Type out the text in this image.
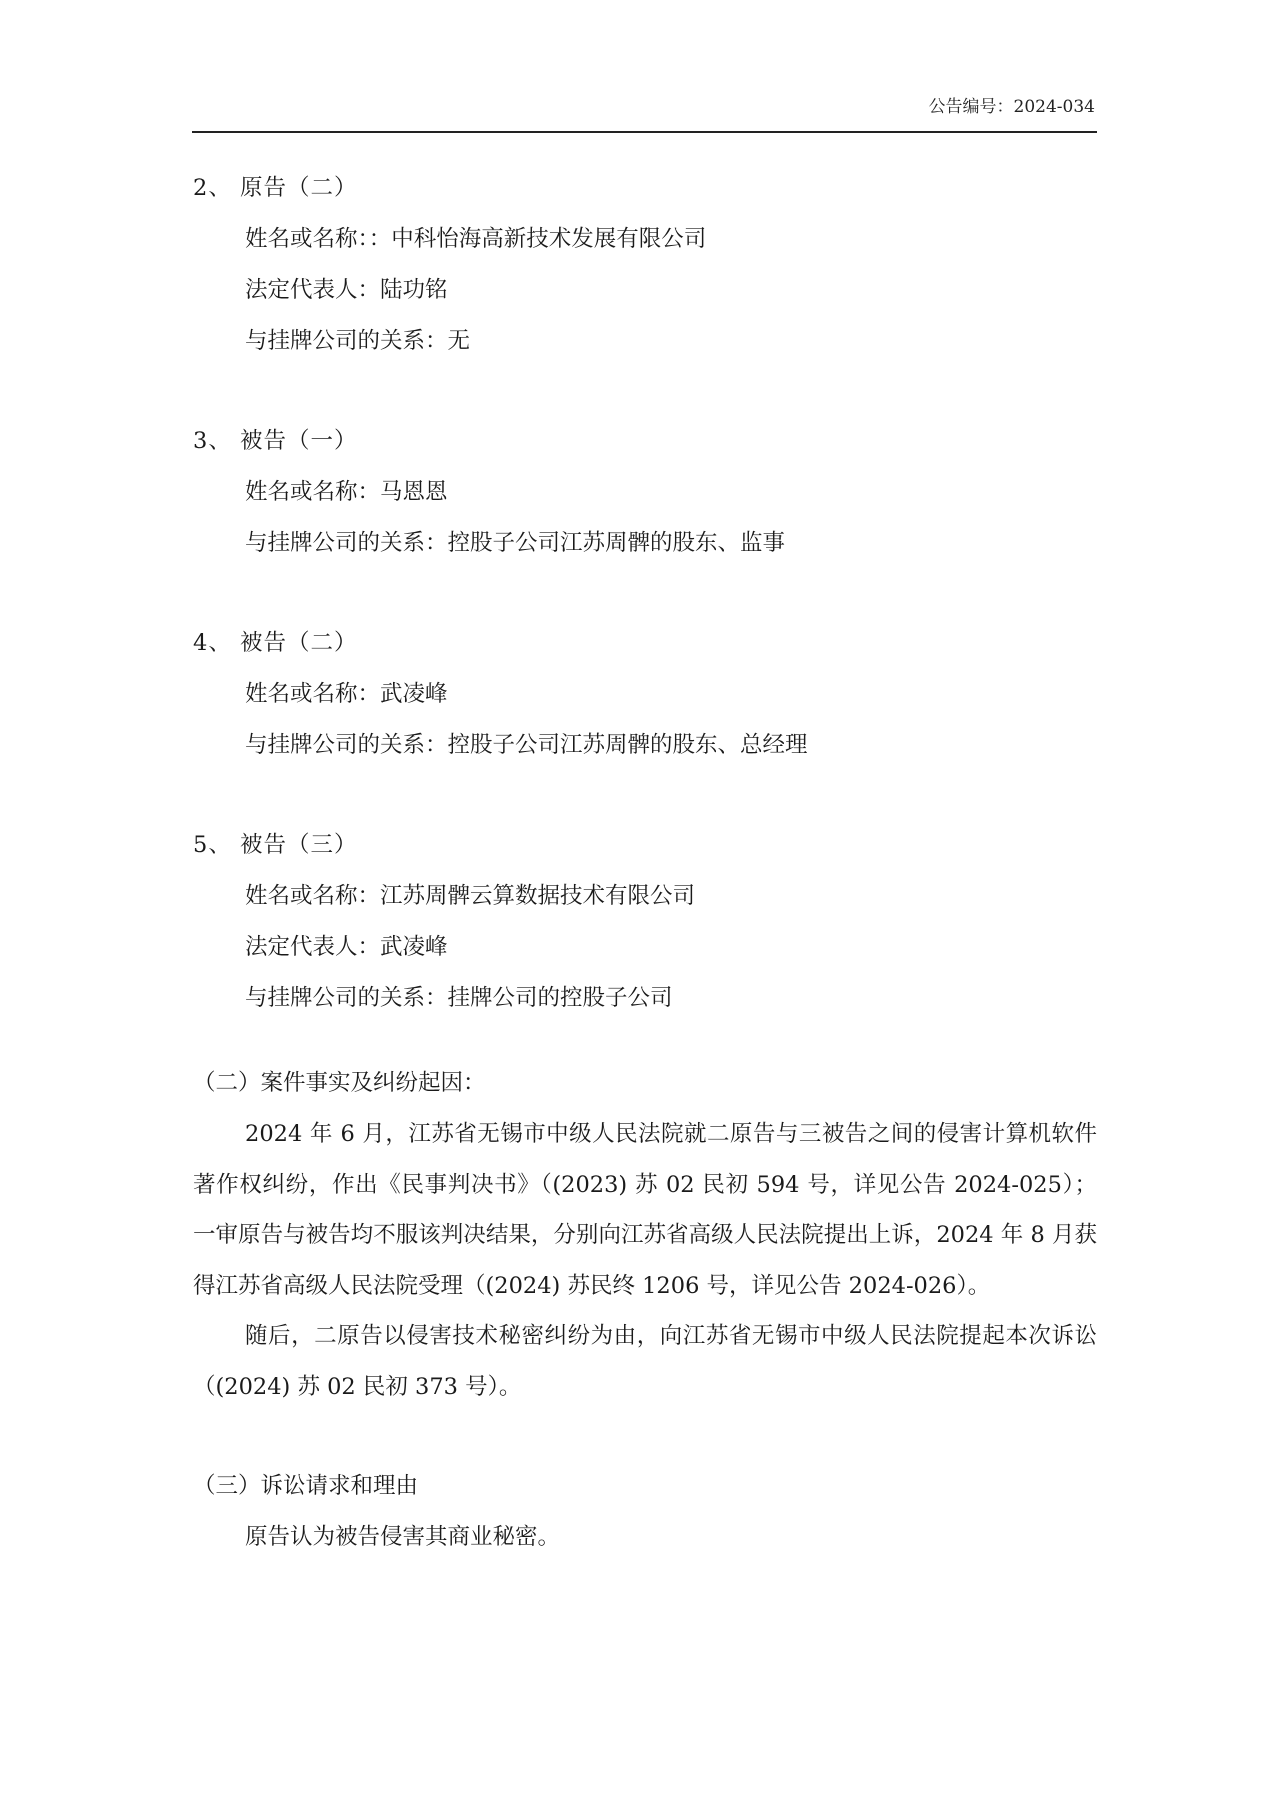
公告编号：2024-034
2、 原告（二）
姓名或名称：：中科怡海高新技术发展有限公司
法定代表人：陆功铭
与挂牌公司的关系：无
3、 被告（一）
姓名或名称：马恩恩
与挂牌公司的关系：控股子公司江苏周髀的股东、监事
4、 被告（二）
姓名或名称：武凌峰
与挂牌公司的关系：控股子公司江苏周髀的股东、总经理
5、 被告（三）
姓名或名称：江苏周髀云算数据技术有限公司
法定代表人：武凌峰
与挂牌公司的关系：挂牌公司的控股子公司
（二）案件事实及纠纷起因：

2024 年 6 月，江苏省无锡市中级人民法院就二原告与三被告之间的侵害计算机软件著作权纠纷，作出《民事判决书》（(2023) 苏 02 民初 594 号，详见公告 2024-025）；一审原告与被告均不服该判决结果，分别向江苏省高级人民法院提出上诉，2024 年 8 月获得江苏省高级人民法院受理（(2024) 苏民终 1206 号，详见公告 2024-026）。

随后，二原告以侵害技术秘密纠纷为由，向江苏省无锡市中级人民法院提起本次诉讼（(2024) 苏 02 民初 373 号）。

（三）诉讼请求和理由

原告认为被告侵害其商业秘密。
